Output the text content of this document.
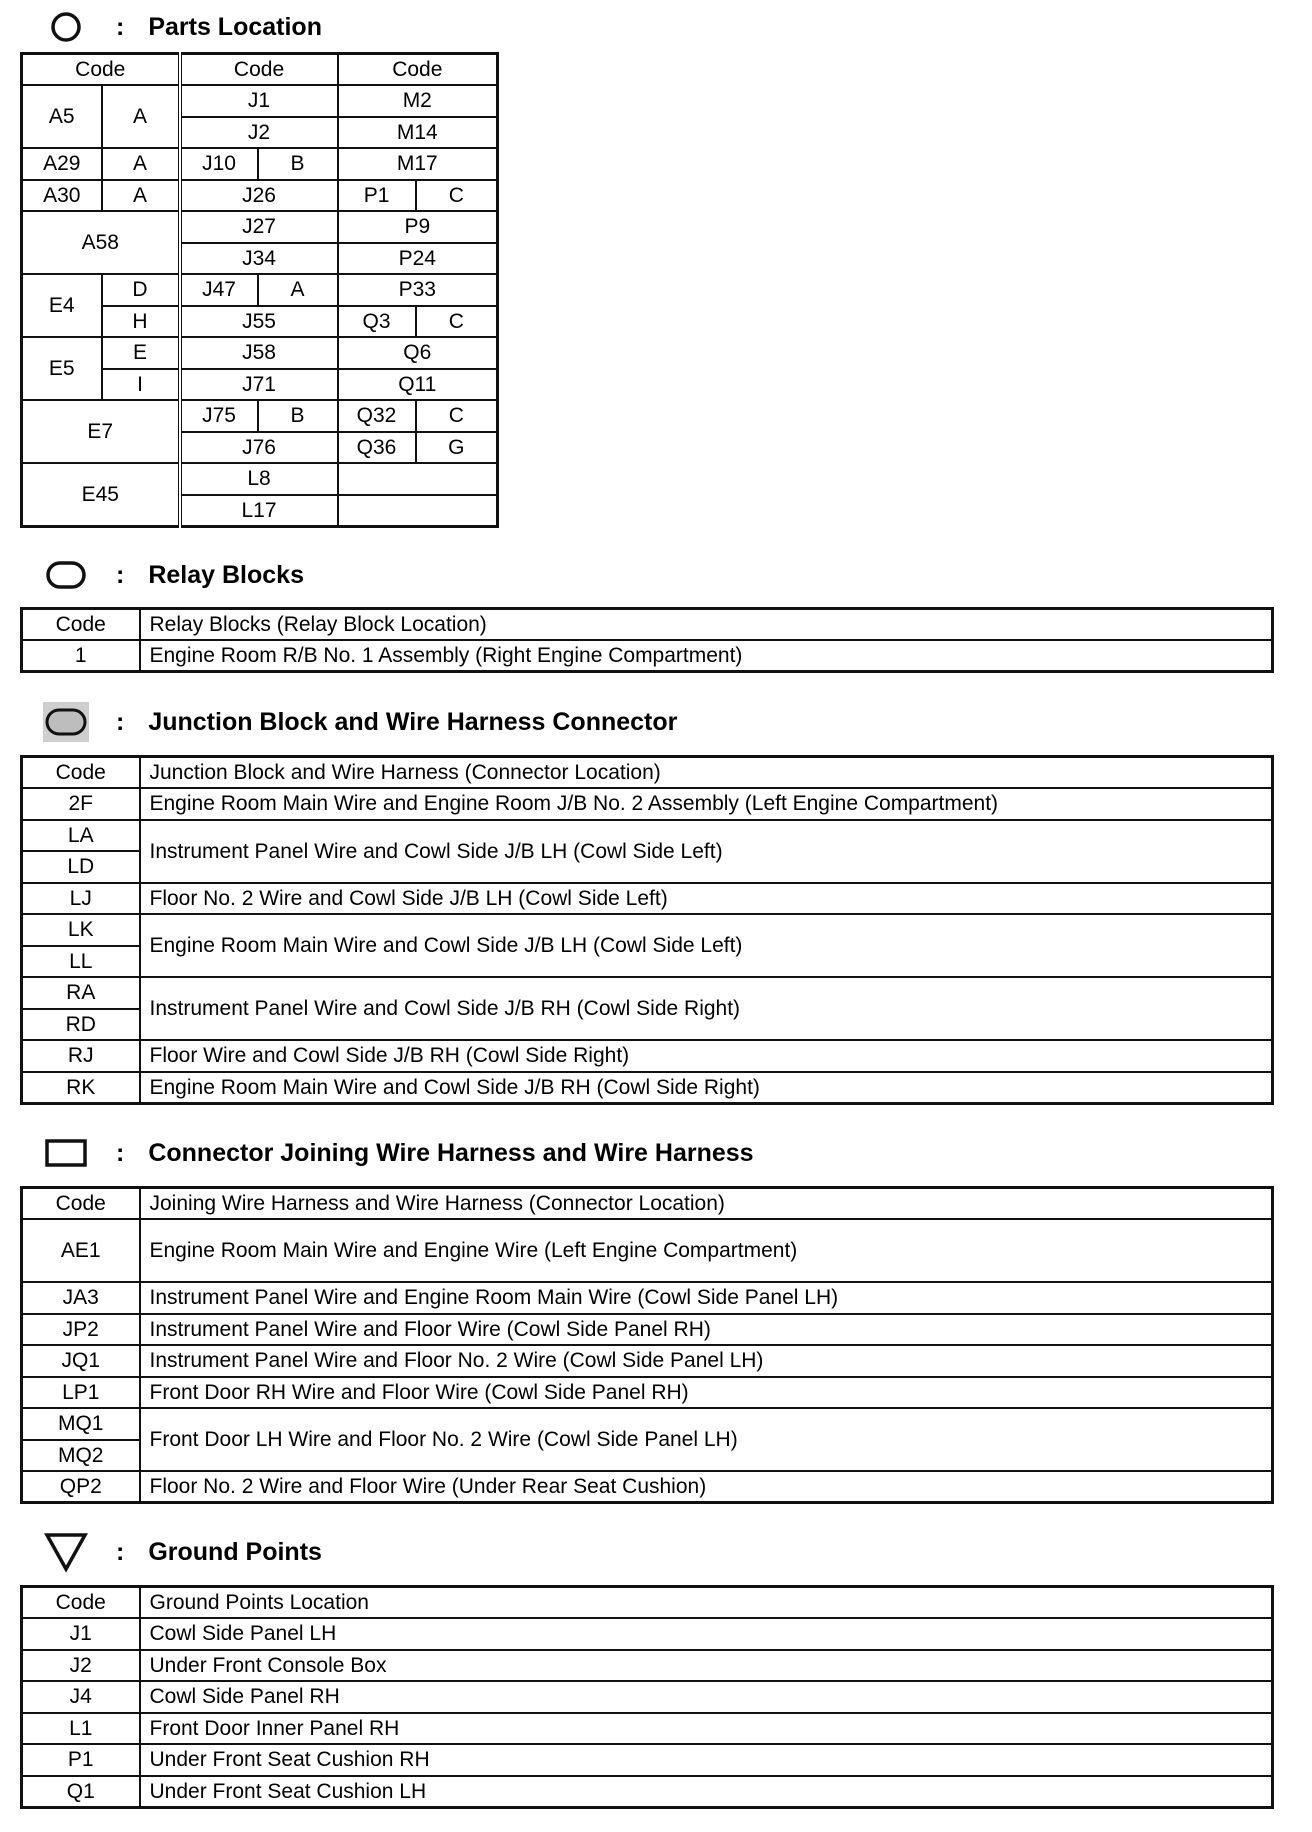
: Parts Location
Code		Code		Code	
A5	A	J1		M2	
		J2		M14	
A29	A	J10	B	M17	
A30	A	J26		P1	C
A58		J27		P9	
		J34		P24	
E4	D	J47	A	P33	
	H	J55		Q3	C
E5	E	J58		Q6	
	I	J71		Q11	
E7		J75	B	Q32	C
		J76		Q36	G
E45		L8			
		L17			
: Relay Blocks
Code	Relay Blocks (Relay Block Location)
1	Engine Room R/B No. 1 Assembly (Right Engine Compartment)
: Junction Block and Wire Harness Connector
Code	Junction Block and Wire Harness (Connector Location)
2F	Engine Room Main Wire and Engine Room J/B No. 2 Assembly (Left Engine Compartment)
LA	Instrument Panel Wire and Cowl Side J/B LH (Cowl Side Left)
LD	
LJ	Floor No. 2 Wire and Cowl Side J/B LH (Cowl Side Left)
LK	Engine Room Main Wire and Cowl Side J/B LH (Cowl Side Left)
LL	
RA	Instrument Panel Wire and Cowl Side J/B RH (Cowl Side Right)
RD	
RJ	Floor Wire and Cowl Side J/B RH (Cowl Side Right)
RK	Engine Room Main Wire and Cowl Side J/B RH (Cowl Side Right)
: Connector Joining Wire Harness and Wire Harness
Code	Joining Wire Harness and Wire Harness (Connector Location)
AE1	Engine Room Main Wire and Engine Wire (Left Engine Compartment)
JA3	Instrument Panel Wire and Engine Room Main Wire (Cowl Side Panel LH)
JP2	Instrument Panel Wire and Floor Wire (Cowl Side Panel RH)
JQ1	Instrument Panel Wire and Floor No. 2 Wire (Cowl Side Panel LH)
LP1	Front Door RH Wire and Floor Wire (Cowl Side Panel RH)
MQ1	Front Door LH Wire and Floor No. 2 Wire (Cowl Side Panel LH)
MQ2	
QP2	Floor No. 2 Wire and Floor Wire (Under Rear Seat Cushion)
: Ground Points
Code	Ground Points Location
J1	Cowl Side Panel LH
J2	Under Front Console Box
J4	Cowl Side Panel RH
L1	Front Door Inner Panel RH
P1	Under Front Seat Cushion RH
Q1	Under Front Seat Cushion LH
